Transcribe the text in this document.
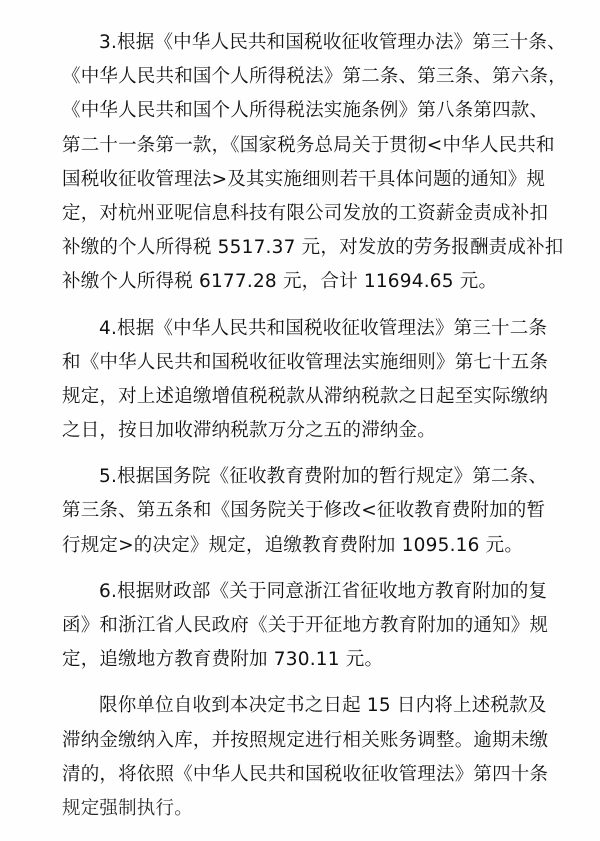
3.根据《中华人民共和国税收征收管理办法》第三十条、
《中华人民共和国个人所得税法》第二条、第三条、第六条，
《中华人民共和国个人所得税法实施条例》第八条第四款、
第二十一条第一款，《国家税务总局关于贯彻<中华人民共和
国税收征收管理法>及其实施细则若干具体问题的通知》规
定，对杭州亚呢信息科技有限公司发放的工资薪金责成补扣
补缴的个人所得税 5517.37 元，对发放的劳务报酬责成补扣
补缴个人所得税 6177.28 元，合计 11694.65 元。
4.根据《中华人民共和国税收征收管理法》第三十二条
和《中华人民共和国税收征收管理法实施细则》第七十五条
规定，对上述追缴增值税税款从滞纳税款之日起至实际缴纳
之日，按日加收滞纳税款万分之五的滞纳金。
5.根据国务院《征收教育费附加的暂行规定》第二条、
第三条、第五条和《国务院关于修改<征收教育费附加的暂
行规定>的决定》规定，追缴教育费附加 1095.16 元。
6.根据财政部《关于同意浙江省征收地方教育附加的复
函》和浙江省人民政府《关于开征地方教育附加的通知》规
定，追缴地方教育费附加 730.11 元。
限你单位自收到本决定书之日起 15 日内将上述税款及
滞纳金缴纳入库，并按照规定进行相关账务调整。逾期未缴
清的，将依照《中华人民共和国税收征收管理法》第四十条
规定强制执行。
